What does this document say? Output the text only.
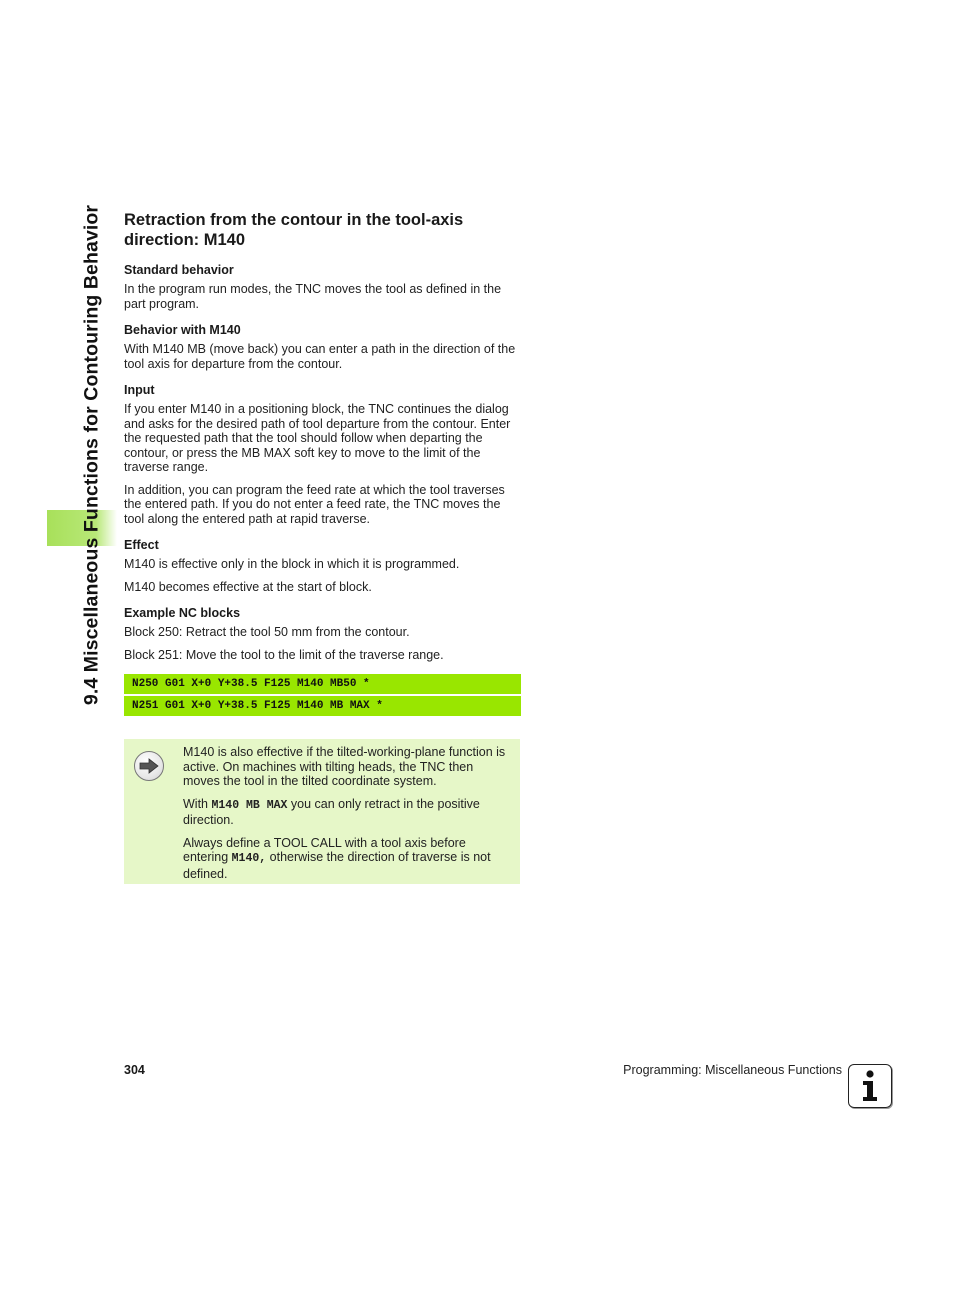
9.4 Miscellaneous Functions for Contouring Behavior Retraction from the contour in the tool-axis direction: M140
Standard behavior

In the program run modes, the TNC moves the tool as defined in the part program.

Behavior with M140

With M140 MB (move back) you can enter a path in the direction of the tool axis for departure from the contour.

Input

If you enter M140 in a positioning block, the TNC continues the dialog and asks for the desired path of tool departure from the contour. Enter the requested path that the tool should follow when departing the contour, or press the MB MAX soft key to move to the limit of the traverse range.

In addition, you can program the feed rate at which the tool traverses the entered path. If you do not enter a feed rate, the TNC moves the tool along the entered path at rapid traverse.

Effect

M140 is effective only in the block in which it is programmed.

M140 becomes effective at the start of block.

Example NC blocks

Block 250: Retract the tool 50 mm from the contour.

Block 251: Move the tool to the limit of the traverse range.

N250 G01 X+0 Y+38.5 F125 M140 MB50 *
N251 G01 X+0 Y+38.5 F125 M140 MB MAX *

M140 is also effective if the tilted-working-plane function is active. On machines with tilting heads, the TNC then moves the tool in the tilted coordinate system.

With M140 MB MAX you can only retract in the positive direction.

Always define a TOOL CALL with a tool axis before entering M140, otherwise the direction of traverse is not defined.

304	Programming: Miscellaneous Functions
